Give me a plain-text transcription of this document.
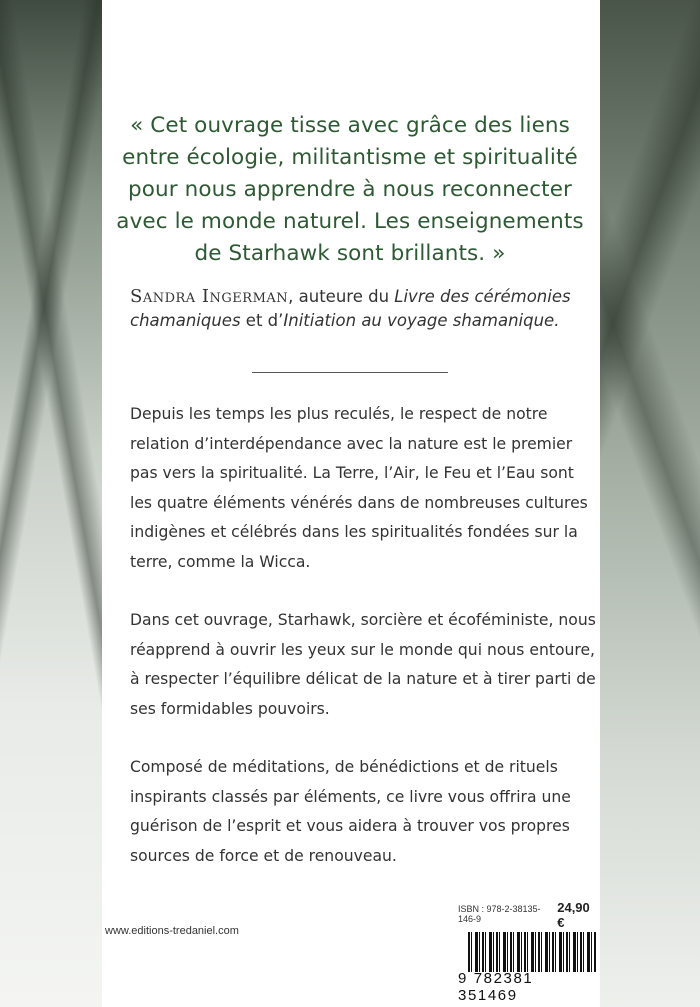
« Cet ouvrage tisse avec grâce des liens entre écologie, militantisme et spiritualité pour nous apprendre à nous reconnecter avec le monde naturel. Les enseignements de Starhawk sont brillants. »
Sandra Ingerman, auteure du Livre des cérémonies chamaniques et d’Initiation au voyage shamanique.

Depuis les temps les plus reculés, le respect de notre relation d’interdépendance avec la nature est le premier pas vers la spiritualité. La Terre, l’Air, le Feu et l’Eau sont les quatre éléments vénérés dans de nombreuses cultures indigènes et célébrés dans les spiritualités fondées sur la terre, comme la Wicca.

Dans cet ouvrage, Starhawk, sorcière et écoféministe, nous réapprend à ouvrir les yeux sur le monde qui nous entoure, à respecter l’équilibre délicat de la nature et à tirer parti de ses formidables pouvoirs.

Composé de méditations, de bénédictions et de rituels inspirants classés par éléments, ce livre vous offrira une guérison de l’esprit et vous aidera à trouver vos propres sources de force et de renouveau.

www.editions-tredaniel.com
ISBN : 978-2-38135-146-9
24,90 €
9 782381 351469
